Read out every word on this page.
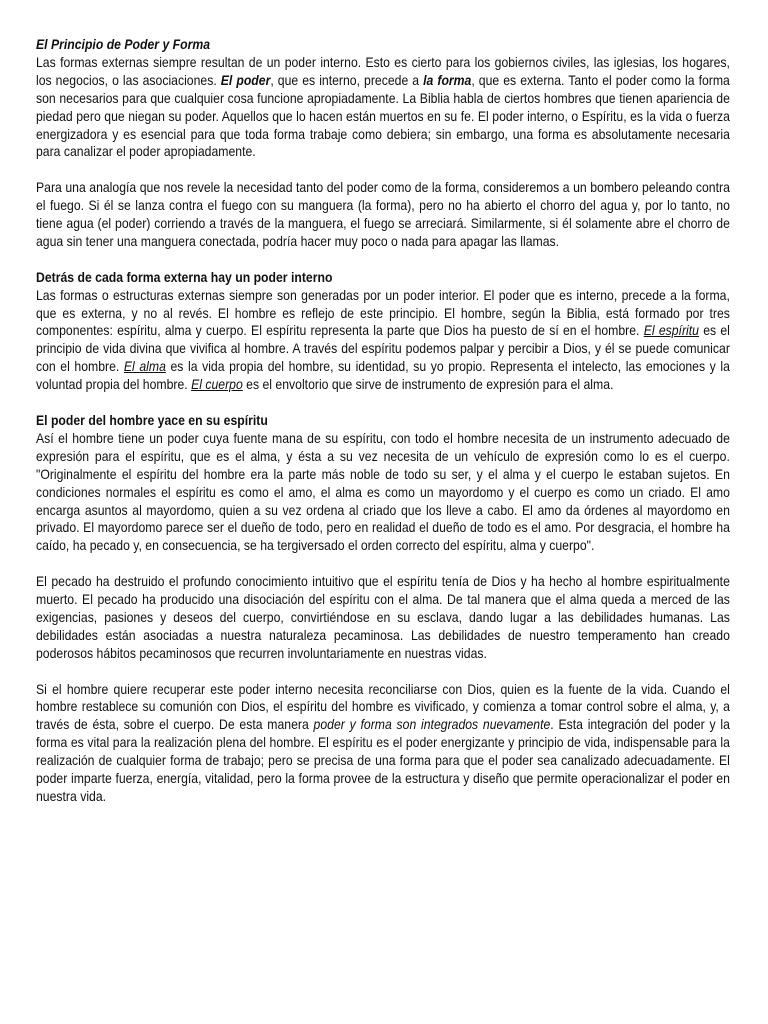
El Principio de Poder y Forma

Las formas externas siempre resultan de un poder interno. Esto es cierto para los gobiernos civiles, las iglesias, los hogares, los negocios, o las asociaciones. El poder, que es interno, precede a la forma, que es externa. Tanto el poder como la forma son necesarios para que cualquier cosa funcione apropiadamente. La Biblia habla de ciertos hombres que tienen apariencia de piedad pero que niegan su poder. Aquellos que lo hacen están muertos en su fe. El poder interno, o Espíritu, es la vida o fuerza energizadora y es esencial para que toda forma trabaje como debiera; sin embargo, una forma es absolutamente necesaria para canalizar el poder apropiadamente.

Para una analogía que nos revele la necesidad tanto del poder como de la forma, consideremos a un bombero peleando contra el fuego. Si él se lanza contra el fuego con su manguera (la forma), pero no ha abierto el chorro del agua y, por lo tanto, no tiene agua (el poder) corriendo a través de la manguera, el fuego se arreciará. Similarmente, si él solamente abre el chorro de agua sin tener una manguera conectada, podría hacer muy poco o nada para apagar las llamas.

Detrás de cada forma externa hay un poder interno

Las formas o estructuras externas siempre son generadas por un poder interior. El poder que es interno, precede a la forma, que es externa, y no al revés. El hombre es reflejo de este principio. El hombre, según la Biblia, está formado por tres componentes: espíritu, alma y cuerpo. El espíritu representa la parte que Dios ha puesto de sí en el hombre. El espíritu es el principio de vida divina que vivifica al hombre. A través del espíritu podemos palpar y percibir a Dios, y él se puede comunicar con el hombre. El alma es la vida propia del hombre, su identidad, su yo propio. Representa el intelecto, las emociones y la voluntad propia del hombre. El cuerpo es el envoltorio que sirve de instrumento de expresión para el alma.

El poder del hombre yace en su espíritu

Así el hombre tiene un poder cuya fuente mana de su espíritu, con todo el hombre necesita de un instrumento adecuado de expresión para el espíritu, que es el alma, y ésta a su vez necesita de un vehículo de expresión como lo es el cuerpo. "Originalmente el espíritu del hombre era la parte más noble de todo su ser, y el alma y el cuerpo le estaban sujetos. En condiciones normales el espíritu es como el amo, el alma es como un mayordomo y el cuerpo es como un criado. El amo encarga asuntos al mayordomo, quien a su vez ordena al criado que los lleve a cabo. El amo da órdenes al mayordomo en privado. El mayordomo parece ser el dueño de todo, pero en realidad el dueño de todo es el amo. Por desgracia, el hombre ha caído, ha pecado y, en consecuencia, se ha tergiversado el orden correcto del espíritu, alma y cuerpo".

El pecado ha destruido el profundo conocimiento intuitivo que el espíritu tenía de Dios y ha hecho al hombre espiritualmente muerto. El pecado ha producido una disociación del espíritu con el alma. De tal manera que el alma queda a merced de las exigencias, pasiones y deseos del cuerpo, convirtiéndose en su esclava, dando lugar a las debilidades humanas. Las debilidades están asociadas a nuestra naturaleza pecaminosa. Las debilidades de nuestro temperamento han creado poderosos hábitos pecaminosos que recurren involuntariamente en nuestras vidas.

Si el hombre quiere recuperar este poder interno necesita reconciliarse con Dios, quien es la fuente de la vida. Cuando el hombre restablece su comunión con Dios, el espíritu del hombre es vivificado, y comienza a tomar control sobre el alma, y, a través de ésta, sobre el cuerpo. De esta manera poder y forma son integrados nuevamente. Esta integración del poder y la forma es vital para la realización plena del hombre. El espíritu es el poder energizante y principio de vida, indispensable para la realización de cualquier forma de trabajo; pero se precisa de una forma para que el poder sea canalizado adecuadamente. El poder imparte fuerza, energía, vitalidad, pero la forma provee de la estructura y diseño que permite operacionalizar el poder en nuestra vida.
